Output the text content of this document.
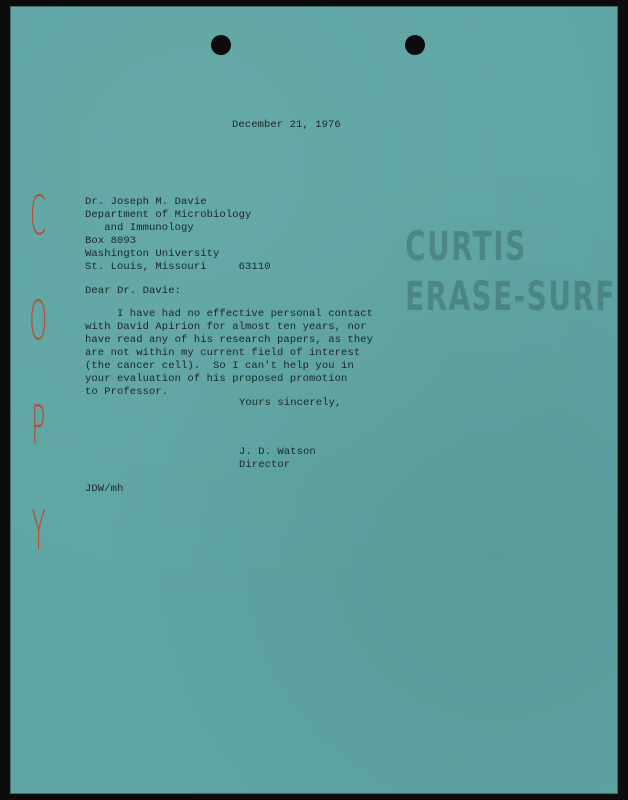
CURTIS
ERASE-SURF
C
O
P
Y

December 21, 1976

Dr. Joseph M. Davie
Department of Microbiology
and Immunology
Box 8093
Washington University
St. Louis, Missouri     63110

Dear Dr. Davie:

I have had no effective personal contact
with David Apirion for almost ten years, nor
have read any of his research papers, as they
are not within my current field of interest
(the cancer cell).  So I can't help you in
your evaluation of his proposed promotion
to Professor.

Yours sincerely,

J. D. Watson
Director

JDW/mh
